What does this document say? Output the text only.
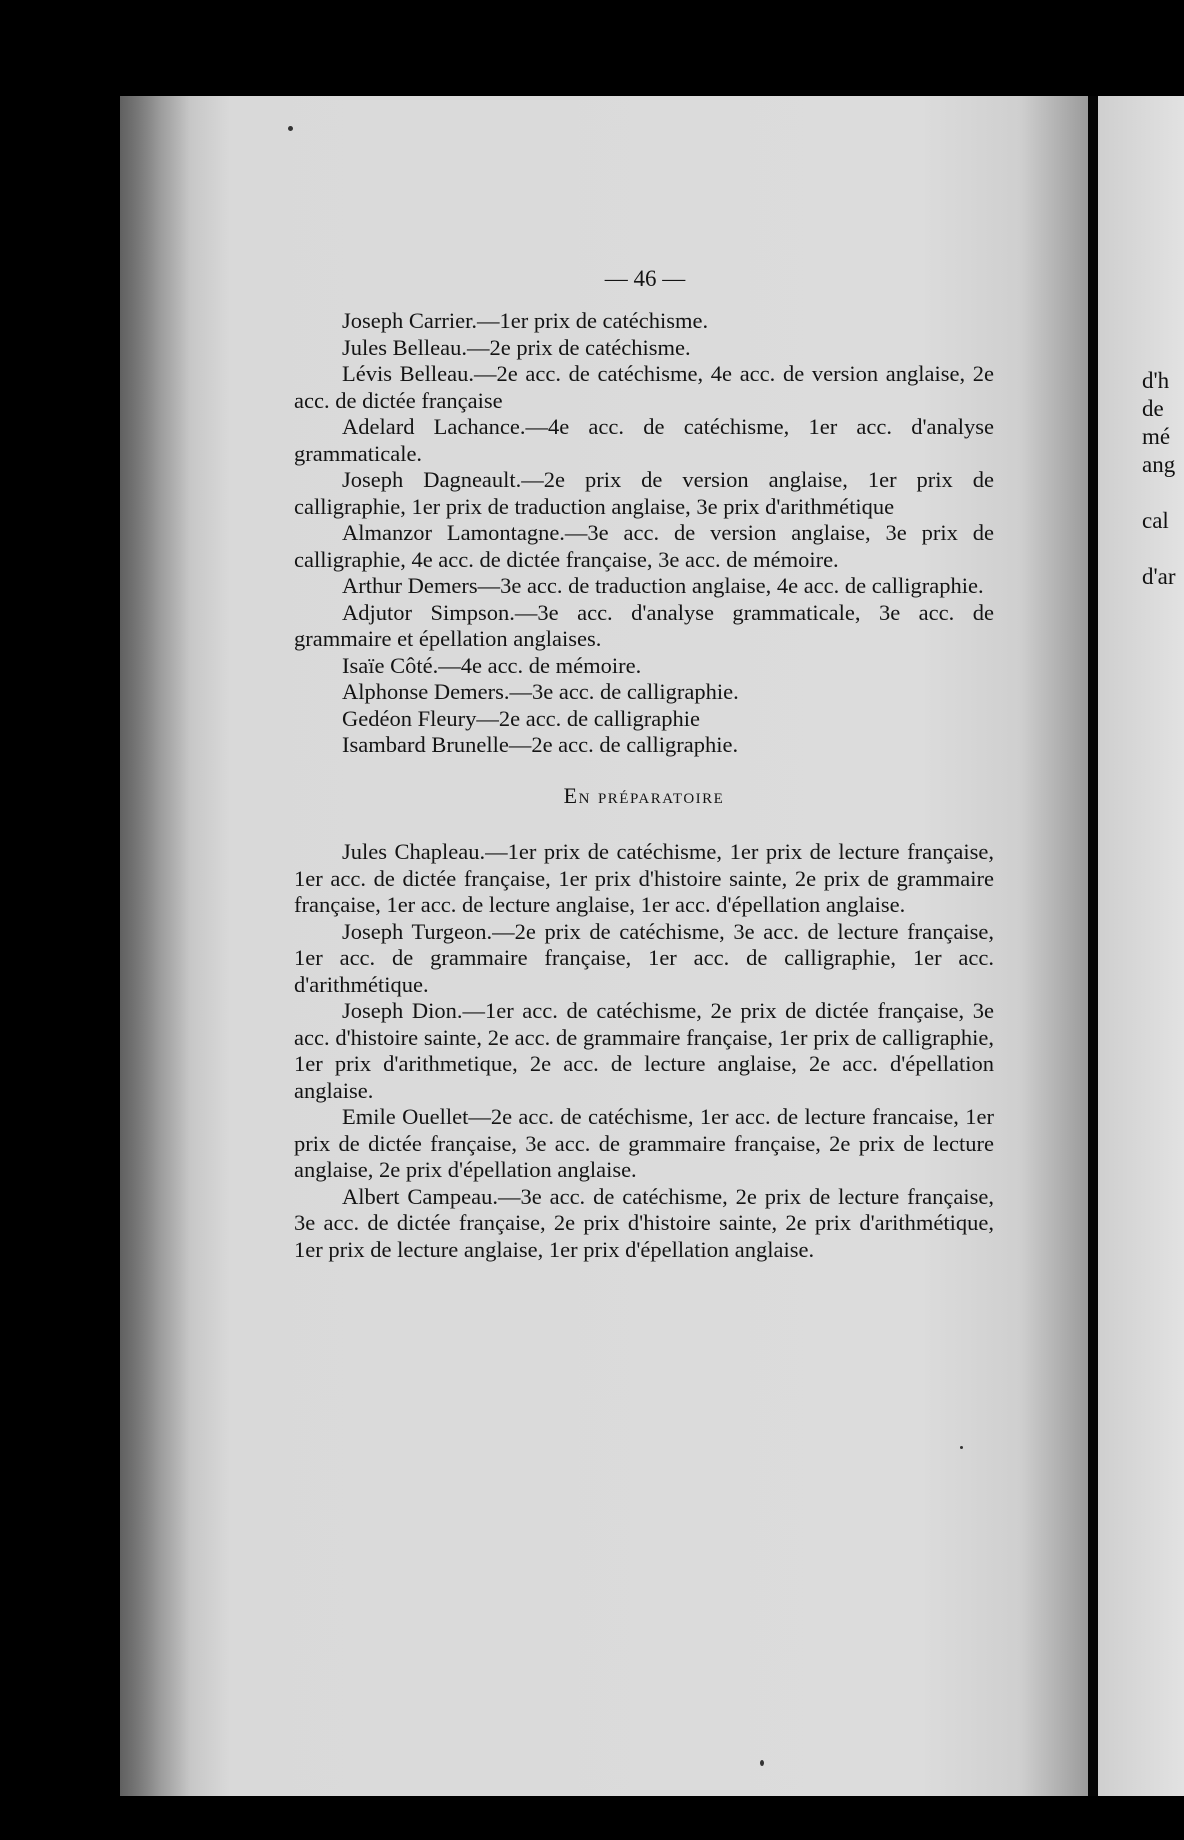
— 46 —

Joseph Carrier.—1er prix de catéchisme.

Jules Belleau.—2e prix de catéchisme.

Lévis Belleau.—2e acc. de catéchisme, 4e acc. de version anglaise, 2e acc. de dictée française

Adelard Lachance.—4e acc. de catéchisme, 1er acc. d'analyse grammaticale.

Joseph Dagneault.—2e prix de version anglaise, 1er prix de calligraphie, 1er prix de traduction anglaise, 3e prix d'arithmétique

Almanzor Lamontagne.—3e acc. de version anglaise, 3e prix de calligraphie, 4e acc. de dictée française, 3e acc. de mémoire.

Arthur Demers—3e acc. de traduction anglaise, 4e acc. de calligraphie.

Adjutor Simpson.—3e acc. d'analyse grammaticale, 3e acc. de grammaire et épellation anglaises.

Isaïe Côté.—4e acc. de mémoire.

Alphonse Demers.—3e acc. de calligraphie.

Gedéon Fleury—2e acc. de calligraphie

Isambard Brunelle—2e acc. de calligraphie.

En préparatoire

Jules Chapleau.—1er prix de catéchisme, 1er prix de lecture française, 1er acc. de dictée française, 1er prix d'histoire sainte, 2e prix de grammaire française, 1er acc. de lecture anglaise, 1er acc. d'épellation anglaise.

Joseph Turgeon.—2e prix de catéchisme, 3e acc. de lecture française, 1er acc. de grammaire française, 1er acc. de calligraphie, 1er acc. d'arithmétique.

Joseph Dion.—1er acc. de catéchisme, 2e prix de dictée française, 3e acc. d'histoire sainte, 2e acc. de grammaire française, 1er prix de calligraphie, 1er prix d'arithmetique, 2e acc. de lecture anglaise, 2e acc. d'épellation anglaise.

Emile Ouellet—2e acc. de catéchisme, 1er acc. de lecture francaise, 1er prix de dictée française, 3e acc. de grammaire française, 2e prix de lecture anglaise, 2e prix d'épellation anglaise.

Albert Campeau.—3e acc. de catéchisme, 2e prix de lecture française, 3e acc. de dictée française, 2e prix d'histoire sainte, 2e prix d'arithmétique, 1er prix de lecture anglaise, 1er prix d'épellation anglaise.

d'h
de
mé
ang
cal
d'ar
